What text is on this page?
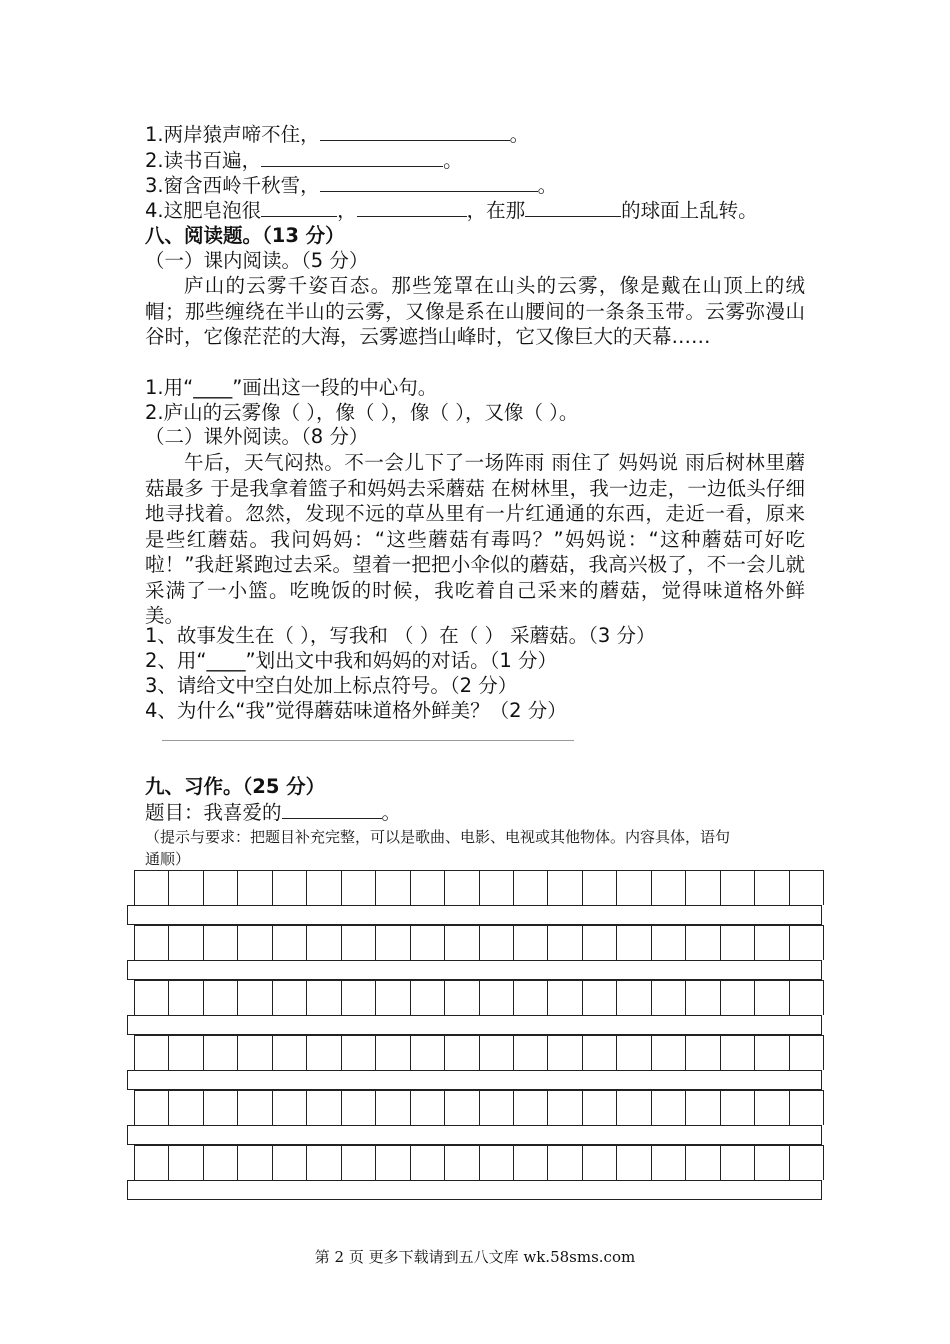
1.两岸猿声啼不住，	。
2.读书百遍，	。
3.窗含西岭千秋雪，	。
4.这肥皂泡很	，	，在那	的球面上乱转。
八、阅读题。（13 分）
（一）课内阅读。（5 分）
庐山的云雾千姿百态。那些笼罩在山头的云雾，像是戴在山顶上的绒帽；那些缠绕在半山的云雾，又像是系在山腰间的一条条玉带。云雾弥漫山谷时，它像茫茫的大海，云雾遮挡山峰时，它又像巨大的天幕……
1.用“____”画出这一段的中心句。
2.庐山的云雾像（ ），像（ ），像（ ），又像（ ）。
（二）课外阅读。（8 分）
午后，天气闷热。不一会儿下了一场阵雨 雨住了 妈妈说 雨后树林里蘑菇最多 于是我拿着篮子和妈妈去采蘑菇 在树林里，我一边走，一边低头仔细地寻找着。忽然，发现不远的草丛里有一片红通通的东西，走近一看，原来是些红蘑菇。我问妈妈：“这些蘑菇有毒吗？”妈妈说：“这种蘑菇可好吃啦！”我赶紧跑过去采。望着一把把小伞似的蘑菇，我高兴极了，不一会儿就采满了一小篮。吃晚饭的时候，我吃着自己采来的蘑菇，觉得味道格外鲜美。
1、故事发生在（ ），写我和 （ ）在（ ） 采蘑菇。（3 分）
2、用“____”划出文中我和妈妈的对话。（1 分）
3、请给文中空白处加上标点符号。（2 分）
4、为什么“我”觉得蘑菇味道格外鲜美？（2 分）
九、习作。（25 分）
题目：我喜爱的	。
（提示与要求：把题目补充完整，可以是歌曲、电影、电视或其他物体。内容具体，语句
通顺）
第 2 页 更多下载请到五八文库 wk.58sms.com
